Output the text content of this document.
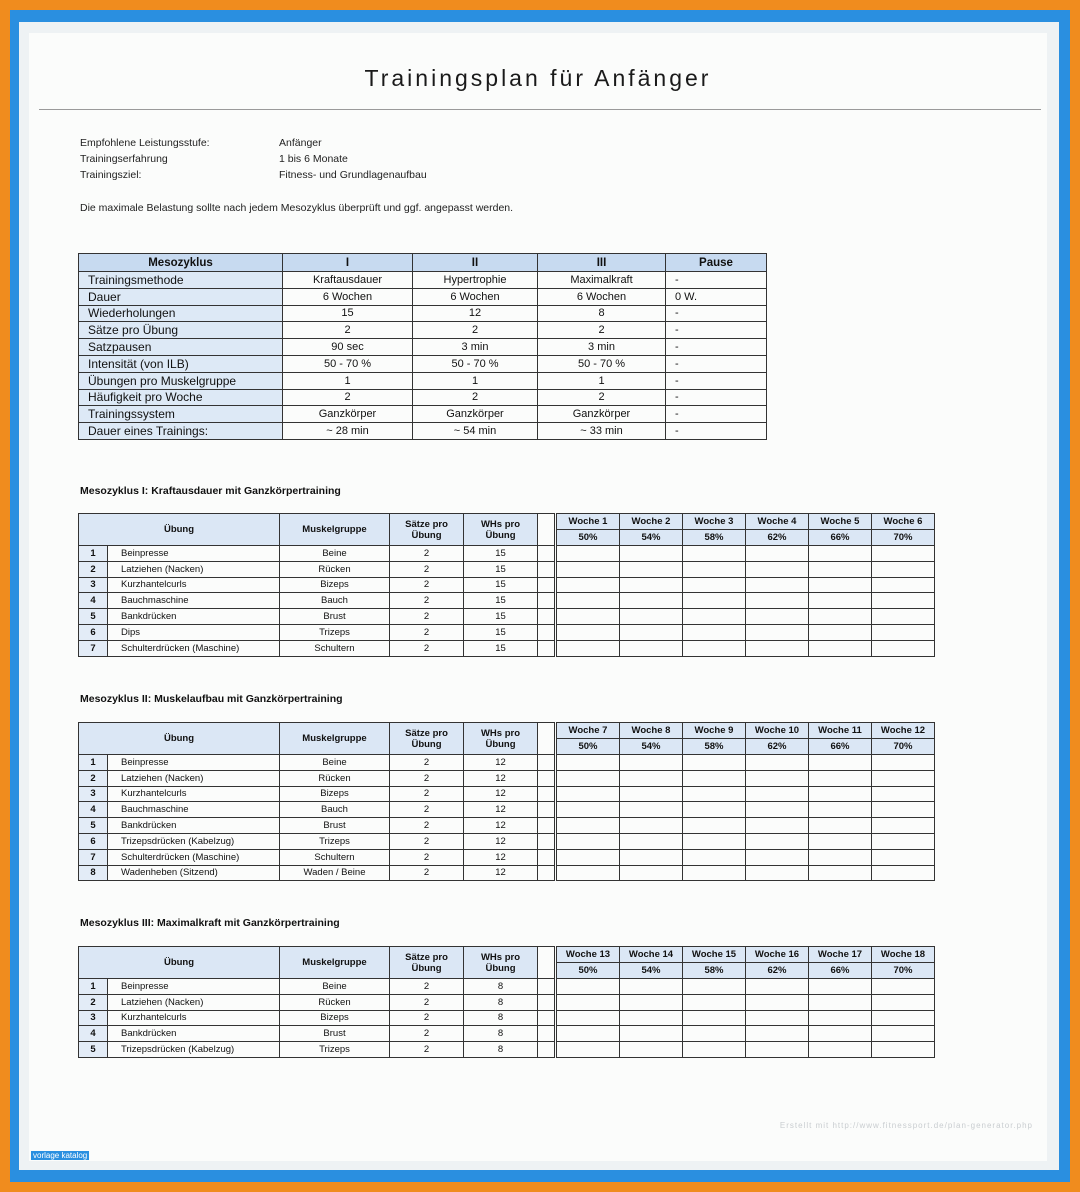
Trainingsplan für Anfänger
Empfohlene Leistungsstufe:	Anfänger
Trainingserfahrung	1 bis 6 Monate
Trainingsziel:	Fitness- und Grundlagenaufbau
Die maximale Belastung sollte nach jedem Mesozyklus überprüft und ggf. angepasst werden.
Mesozyklus	I	II	III	Pause
Trainingsmethode	Kraftausdauer	Hypertrophie	Maximalkraft	-
Dauer	6 Wochen	6 Wochen	6 Wochen	0 W.
Wiederholungen	15	12	8	-
Sätze pro Übung	2	2	2	-
Satzpausen	90 sec	3 min	3 min	-
Intensität (von ILB)	50 - 70 %	50 - 70 %	50 - 70 %	-
Übungen pro Muskelgruppe	1	1	1	-
Häufigkeit pro Woche	2	2	2	-
Trainingssystem	Ganzkörper	Ganzkörper	Ganzkörper	-
Dauer eines Trainings:	~ 28 min	~ 54 min	~ 33 min	-
Mesozyklus I: Kraftausdauer mit Ganzkörpertraining
Übung		Muskelgruppe	Sätze pro Übung	WHs pro Übung	
1	Beinpresse	Beine	2	15	
2	Latziehen (Nacken)	Rücken	2	15	
3	Kurzhantelcurls	Bizeps	2	15	
4	Bauchmaschine	Bauch	2	15	
5	Bankdrücken	Brust	2	15	
6	Dips	Trizeps	2	15	
7	Schulterdrücken (Maschine)	Schultern	2	15	
Woche 1	Woche 2	Woche 3	Woche 4	Woche 5	Woche 6
50%	54%	58%	62%	66%	70%

Mesozyklus II: Muskelaufbau mit Ganzkörpertraining
Übung		Muskelgruppe	Sätze pro Übung	WHs pro Übung	
1	Beinpresse	Beine	2	12	
2	Latziehen (Nacken)	Rücken	2	12	
3	Kurzhantelcurls	Bizeps	2	12	
4	Bauchmaschine	Bauch	2	12	
5	Bankdrücken	Brust	2	12	
6	Trizepsdrücken (Kabelzug)	Trizeps	2	12	
7	Schulterdrücken (Maschine)	Schultern	2	12	
8	Wadenheben (Sitzend)	Waden / Beine	2	12	
Woche 7	Woche 8	Woche 9	Woche 10	Woche 11	Woche 12
50%	54%	58%	62%	66%	70%

Mesozyklus III: Maximalkraft mit Ganzkörpertraining
Übung		Muskelgruppe	Sätze pro Übung	WHs pro Übung	
1	Beinpresse	Beine	2	8	
2	Latziehen (Nacken)	Rücken	2	8	
3	Kurzhantelcurls	Bizeps	2	8	
4	Bankdrücken	Brust	2	8	
5	Trizepsdrücken (Kabelzug)	Trizeps	2	8	
Woche 13	Woche 14	Woche 15	Woche 16	Woche 17	Woche 18
50%	54%	58%	62%	66%	70%

Erstellt mit http://www.fitnessport.de/plan-generator.php
vorlage katalog
